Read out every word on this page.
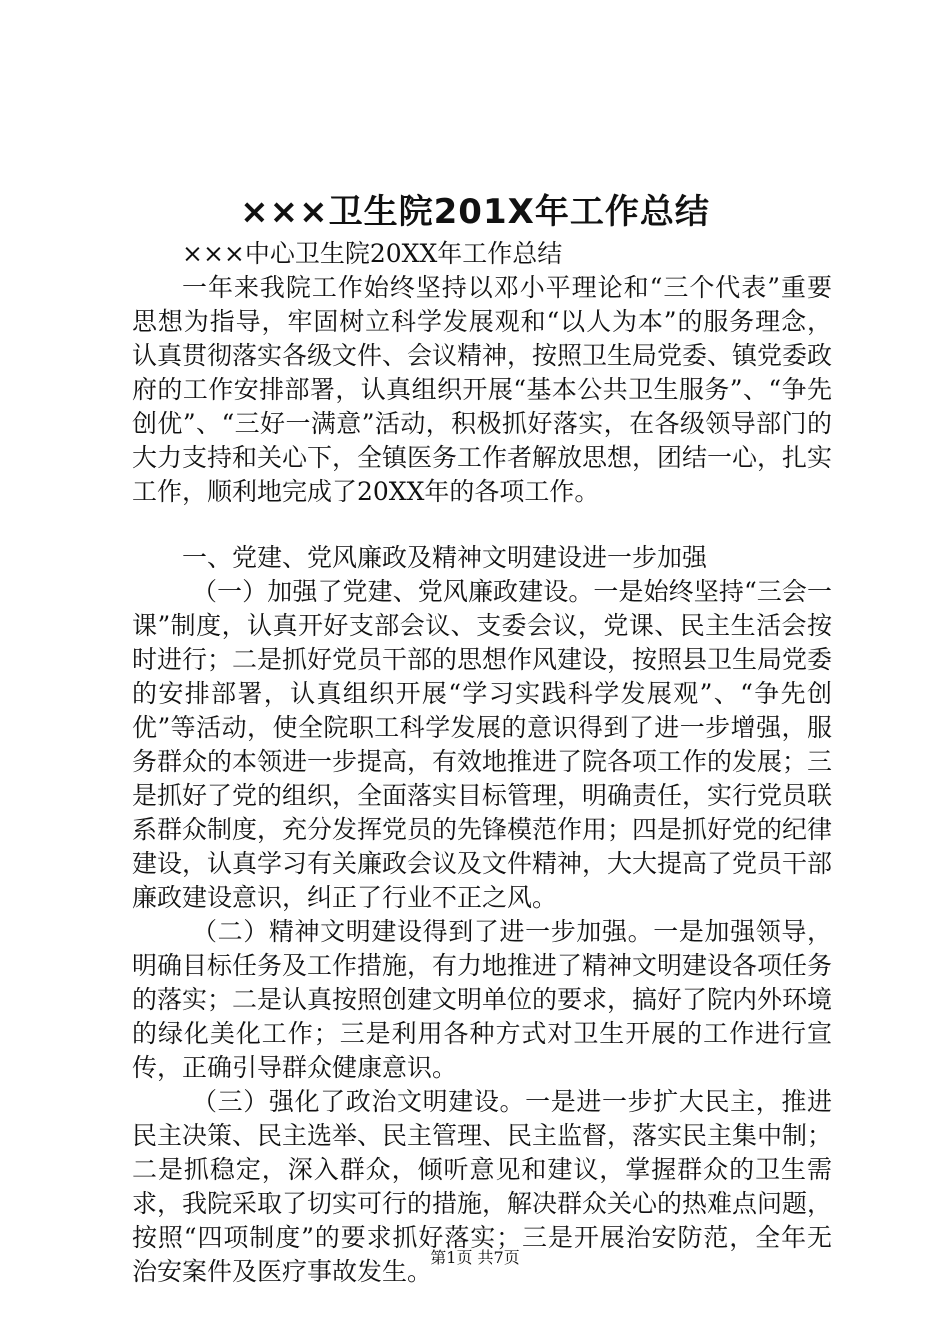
×××卫生院201X年工作总结

×××中心卫生院20XX年工作总结

一年来我院工作始终坚持以邓小平理论和“三个代表”重要思想为指导，牢固树立科学发展观和“以人为本”的服务理念，认真贯彻落实各级文件、会议精神，按照卫生局党委、镇党委政府的工作安排部署，认真组织开展“基本公共卫生服务”、“争先创优”、“三好一满意”活动，积极抓好落实，在各级领导部门的大力支持和关心下，全镇医务工作者解放思想，团结一心，扎实工作，顺利地完成了20XX年的各项工作。

一、党建、党风廉政及精神文明建设进一步加强

（一）加强了党建、党风廉政建设。一是始终坚持“三会一课”制度，认真开好支部会议、支委会议，党课、民主生活会按时进行；二是抓好党员干部的思想作风建设，按照县卫生局党委的安排部署，认真组织开展“学习实践科学发展观”、“争先创优”等活动，使全院职工科学发展的意识得到了进一步增强，服务群众的本领进一步提高，有效地推进了院各项工作的发展；三是抓好了党的组织，全面落实目标管理，明确责任，实行党员联系群众制度，充分发挥党员的先锋模范作用；四是抓好党的纪律建设，认真学习有关廉政会议及文件精神，大大提高了党员干部廉政建设意识，纠正了行业不正之风。

（二）精神文明建设得到了进一步加强。一是加强领导，明确目标任务及工作措施，有力地推进了精神文明建设各项任务的落实；二是认真按照创建文明单位的要求，搞好了院内外环境的绿化美化工作；三是利用各种方式对卫生开展的工作进行宣传，正确引导群众健康意识。

（三）强化了政治文明建设。一是进一步扩大民主，推进民主决策、民主选举、民主管理、民主监督，落实民主集中制；二是抓稳定，深入群众，倾听意见和建议，掌握群众的卫生需求，我院采取了切实可行的措施，解决群众关心的热难点问题，按照“四项制度”的要求抓好落实；三是开展治安防范，全年无治安案件及医疗事故发生。

第1页 共7页
